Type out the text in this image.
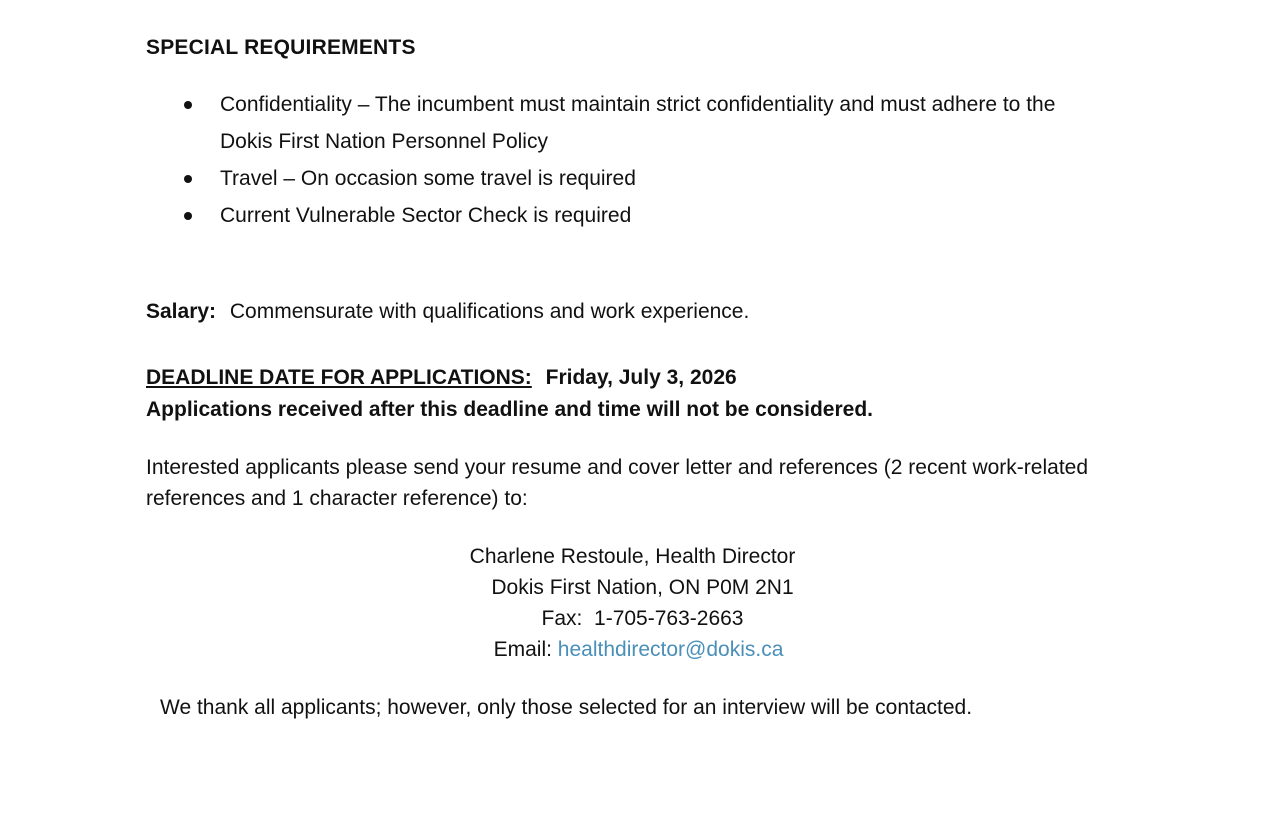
SPECIAL REQUIREMENTS
Confidentiality – The incumbent must maintain strict confidentiality and must adhere to the Dokis First Nation Personnel Policy
Travel – On occasion some travel is required
Current Vulnerable Sector Check is required
Salary: Commensurate with qualifications and work experience.
DEADLINE DATE FOR APPLICATIONS: Friday, July 3, 2026
Applications received after this deadline and time will not be considered.
Interested applicants please send your resume and cover letter and references (2 recent work-related references and 1 character reference) to:
Charlene Restoule, Health Director
Dokis First Nation, ON P0M 2N1
Fax: 1-705-763-2663
Email: healthdirector@dokis.ca
We thank all applicants; however, only those selected for an interview will be contacted.
